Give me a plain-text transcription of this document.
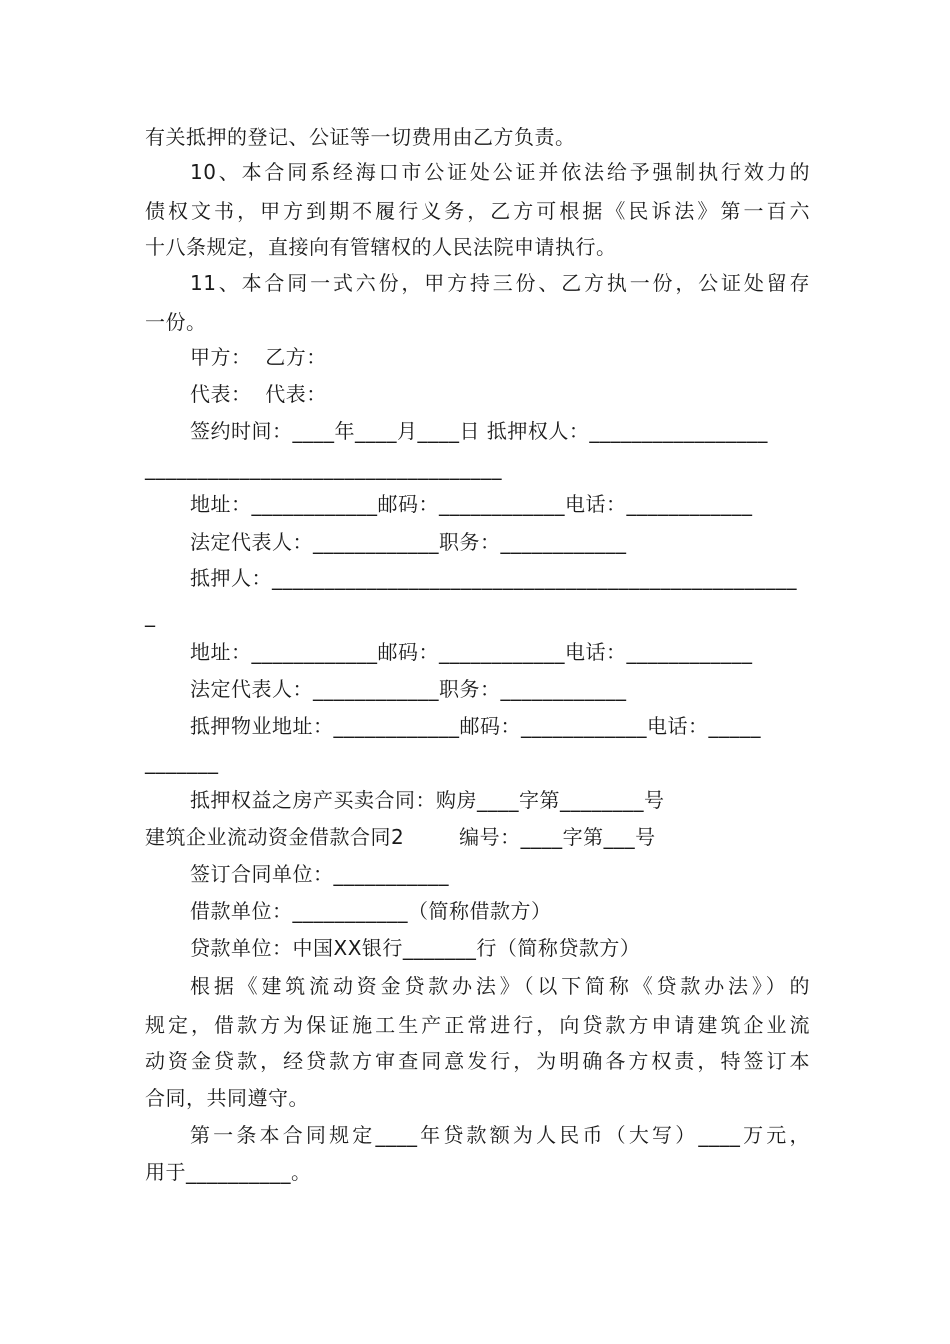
有关抵押的登记、公证等一切费用由乙方负责。
10、本合同系经海口市公证处公证并依法给予强制执行效力的
债权文书，甲方到期不履行义务，乙方可根据《民诉法》第一百六
十八条规定，直接向有管辖权的人民法院申请执行。
11、本合同一式六份，甲方持三份、乙方执一份，公证处留存
一份。
甲方：  乙方：
代表：  代表：
签约时间：____年____月____日 抵押权人：_________________
__________________________________
地址：____________邮码：____________电话：____________
法定代表人：____________职务：____________
抵押人：__________________________________________________
_
地址：____________邮码：____________电话：____________
法定代表人：____________职务：____________
抵押物业地址：____________邮码：____________电话：_____
_______
抵押权益之房产买卖合同：购房____字第________号
建筑企业流动资金借款合同2        编号：____字第___号
签订合同单位：___________
借款单位：___________（简称借款方）
贷款单位：中国XX银行_______行（简称贷款方）
根据《建筑流动资金贷款办法》（以下简称《贷款办法》）的
规定，借款方为保证施工生产正常进行，向贷款方申请建筑企业流
动资金贷款，经贷款方审查同意发行，为明确各方权责，特签订本
合同，共同遵守。
第一条本合同规定____年贷款额为人民币（大写）____万元，
用于__________。
